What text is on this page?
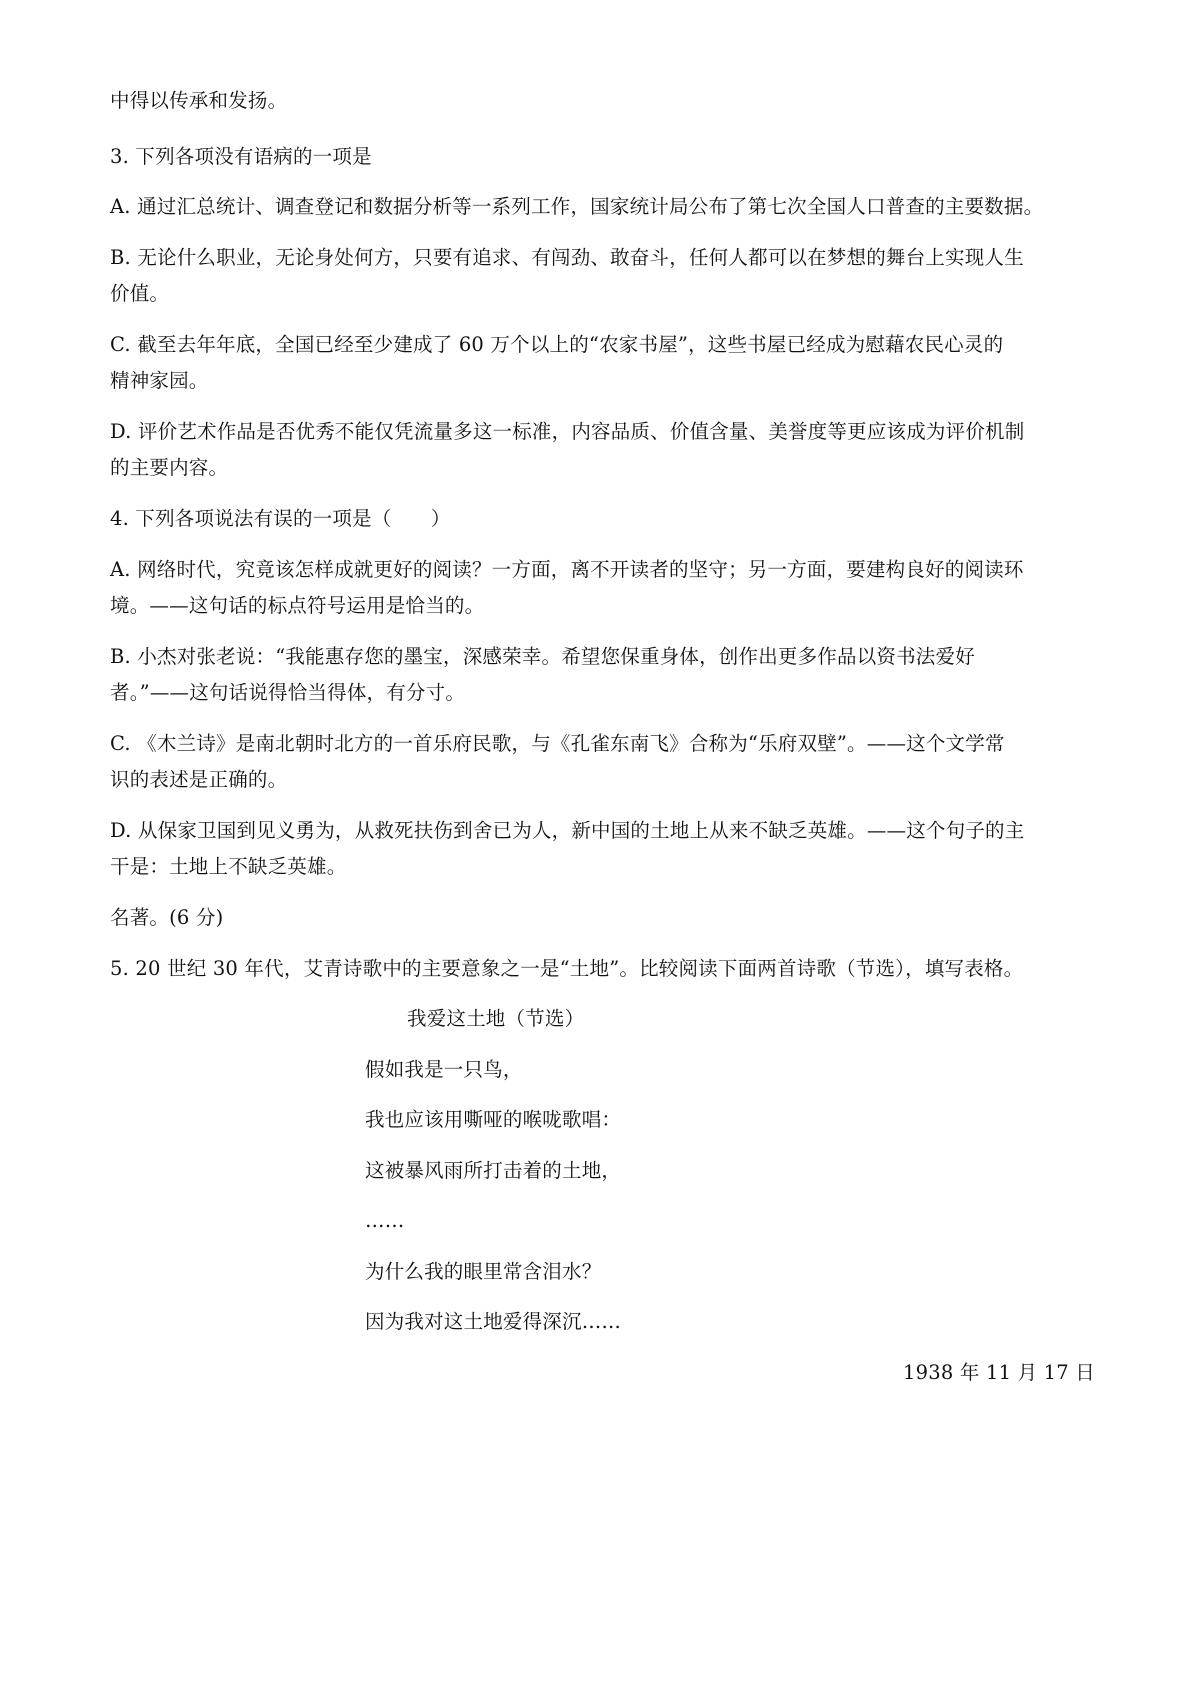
中得以传承和发扬。
3. 下列各项没有语病的一项是
A. 通过汇总统计、调查登记和数据分析等一系列工作，国家统计局公布了第七次全国人口普查的主要数据。
B. 无论什么职业，无论身处何方，只要有追求、有闯劲、敢奋斗，任何人都可以在梦想的舞台上实现人生
价值。
C. 截至去年年底，全国已经至少建成了 60 万个以上的“农家书屋”，这些书屋已经成为慰藉农民心灵的
精神家园。
D. 评价艺术作品是否优秀不能仅凭流量多这一标准，内容品质、价值含量、美誉度等更应该成为评价机制
的主要内容。
4. 下列各项说法有误的一项是（　　）
A. 网络时代，究竟该怎样成就更好的阅读？一方面，离不开读者的坚守；另一方面，要建构良好的阅读环
境。——这句话的标点符号运用是恰当的。
B. 小杰对张老说：“我能惠存您的墨宝，深感荣幸。希望您保重身体，创作出更多作品以资书法爱好
者。”——这句话说得恰当得体，有分寸。
C. 《木兰诗》是南北朝时北方的一首乐府民歌，与《孔雀东南飞》合称为“乐府双壁”。——这个文学常
识的表述是正确的。
D. 从保家卫国到见义勇为，从救死扶伤到舍已为人，新中国的土地上从来不缺乏英雄。——这个句子的主
干是：土地上不缺乏英雄。
名著。(6 分)
5. 20 世纪 30 年代，艾青诗歌中的主要意象之一是“土地”。比较阅读下面两首诗歌（节选），填写表格。
我爱这土地（节选）
假如我是一只鸟，
我也应该用嘶哑的喉咙歌唱：
这被暴风雨所打击着的土地，
……
为什么我的眼里常含泪水？
因为我对这土地爱得深沉……
1938 年 11 月 17 日
